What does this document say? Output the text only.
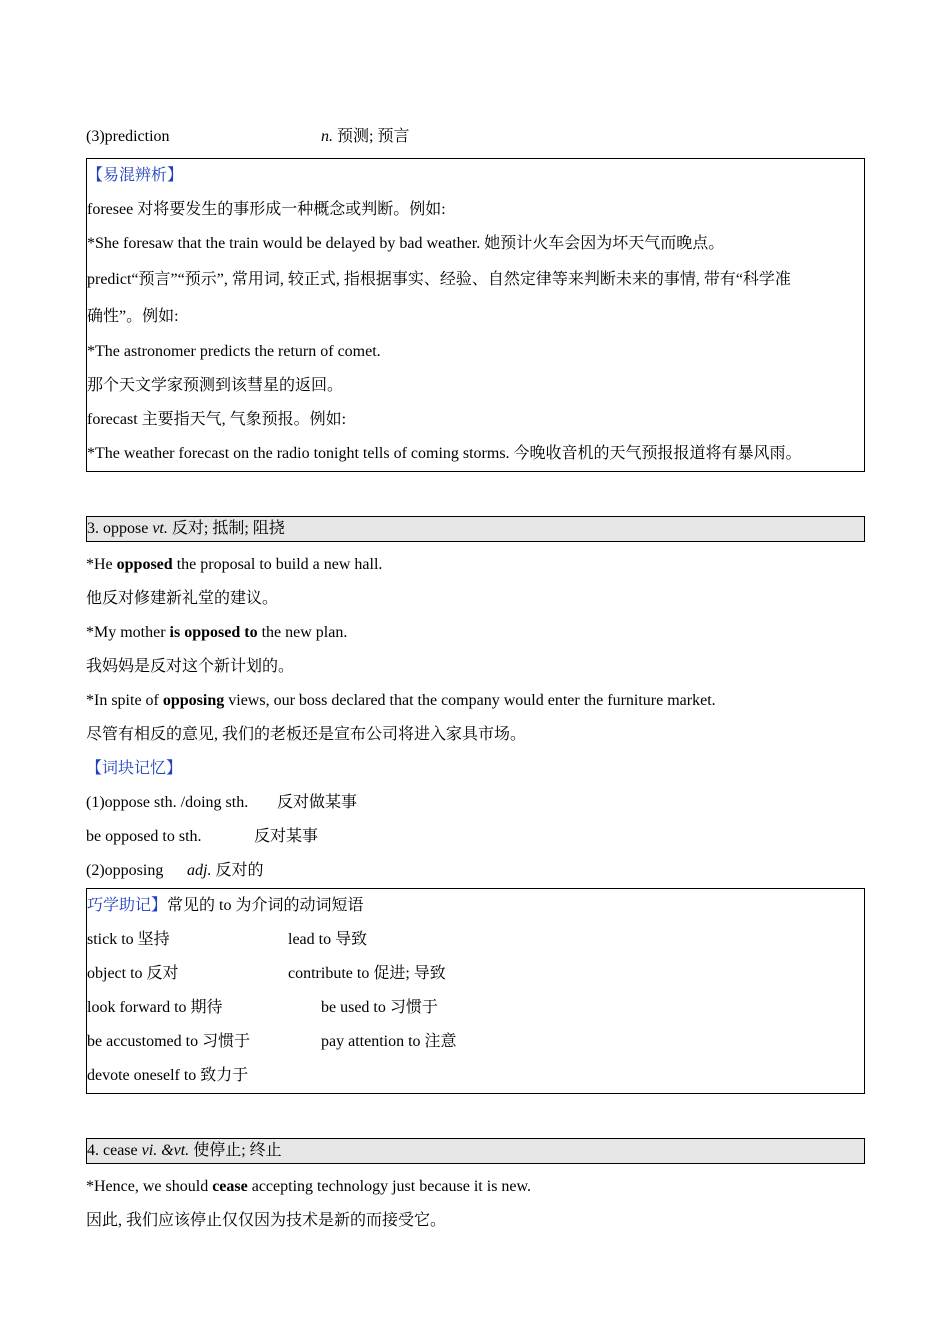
(3)prediction	n. 预测; 预言
【易混辨析】
foresee 对将要发生的事形成一种概念或判断。例如:
*She foresaw that the train would be delayed by bad weather. 她预计火车会因为坏天气而晚点。
predict“预言”“预示”, 常用词, 较正式, 指根据事实、经验、自然定律等来判断未来的事情, 带有“科学准
确性”。例如:
*The astronomer predicts the return of comet.
那个天文学家预测到该彗星的返回。
forecast 主要指天气, 气象预报。例如:
*The weather forecast on the radio tonight tells of coming storms. 今晚收音机的天气预报报道将有暴风雨。
3. oppose vt. 反对; 抵制; 阻挠
*He opposed the proposal to build a new hall.
他反对修建新礼堂的建议。
*My mother is opposed to the new plan.
我妈妈是反对这个新计划的。
*In spite of opposing views, our boss declared that the company would enter the furniture market.
尽管有相反的意见, 我们的老板还是宣布公司将进入家具市场。
【词块记忆】
(1)oppose sth. /doing sth. 反对做某事
be opposed to sth.	反对某事
(2)opposing adj. 反对的
巧学助记】常见的 to 为介词的动词短语
stick to 坚持	lead to 导致
object to 反对	contribute to 促进; 导致
look forward to 期待	be used to 习惯于
be accustomed to 习惯于	pay attention to 注意
devote oneself to 致力于
4. cease vi. &vt. 使停止; 终止
*Hence, we should cease accepting technology just because it is new.
因此, 我们应该停止仅仅因为技术是新的而接受它。
